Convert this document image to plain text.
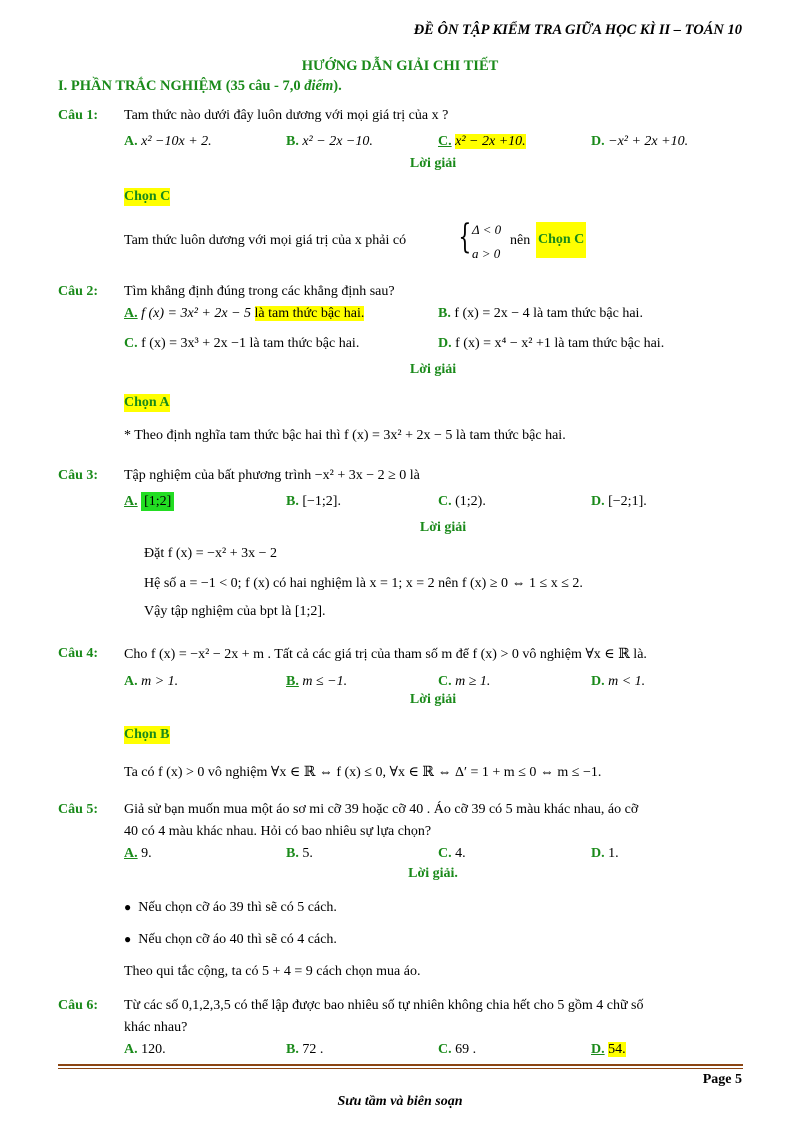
ĐỀ ÔN TẬP KIỂM TRA GIỮA HỌC KÌ II – TOÁN 10
HƯỚNG DẪN GIẢI CHI TIẾT
I. PHẦN TRẮC NGHIỆM (35 câu - 7,0 điểm).
Câu 1: Tam thức nào dưới đây luôn dương với mọi giá trị của x ?
A. x² −10x + 2.	B. x² − 2x −10.	C. x² − 2x +10.	D. −x² + 2x +10.
Lời giải
Chọn C
Tam thức luôn dương với mọi giá trị của x phải có { Δ < 0
a > 0
nên Chọn C
Câu 2: Tìm khẳng định đúng trong các khẳng định sau?
A. f (x) = 3x² + 2x − 5 là tam thức bậc hai.	B. f (x) = 2x − 4 là tam thức bậc hai.
C. f (x) = 3x³ + 2x −1 là tam thức bậc hai.	D. f (x) = x⁴ − x² +1 là tam thức bậc hai.
Lời giải
Chọn A
* Theo định nghĩa tam thức bậc hai thì f (x) = 3x² + 2x − 5 là tam thức bậc hai.
Câu 3: Tập nghiệm của bất phương trình −x² + 3x − 2 ≥ 0 là
A. [1;2]	B. [−1;2].	C. (1;2).	D. [−2;1].
Lời giải
Đặt f (x) = −x² + 3x − 2
Hệ số a = −1 < 0; f (x) có hai nghiệm là x = 1; x = 2 nên f (x) ≥ 0 ⇔ 1 ≤ x ≤ 2.
Vậy tập nghiệm của bpt là [1;2].
Câu 4: Cho f (x) = −x² − 2x + m . Tất cả các giá trị của tham số m để f (x) > 0 vô nghiệm ∀x ∈ ℝ là.
A. m > 1.	B. m ≤ −1.	C. m ≥ 1.	D. m < 1.
Lời giải
Chọn B
Ta có f (x) > 0 vô nghiệm ∀x ∈ ℝ ⇔ f (x) ≤ 0, ∀x ∈ ℝ ⇔ Δ′ = 1 + m ≤ 0 ⇔ m ≤ −1.
Câu 5: Giả sử bạn muốn mua một áo sơ mi cỡ 39 hoặc cỡ 40 . Áo cỡ 39 có 5 màu khác nhau, áo cỡ
40 có 4 màu khác nhau. Hỏi có bao nhiêu sự lựa chọn?
A. 9.	B. 5.	C. 4.	D. 1.
Lời giải.
● Nếu chọn cỡ áo 39 thì sẽ có 5 cách.
● Nếu chọn cỡ áo 40 thì sẽ có 4 cách.
Theo qui tắc cộng, ta có 5 + 4 = 9 cách chọn mua áo.
Câu 6: Từ các số 0,1,2,3,5 có thể lập được bao nhiêu số tự nhiên không chia hết cho 5 gồm 4 chữ số
khác nhau?
A. 120.	B. 72 .	C. 69 .	D. 54.
Page 5
Sưu tầm và biên soạn
